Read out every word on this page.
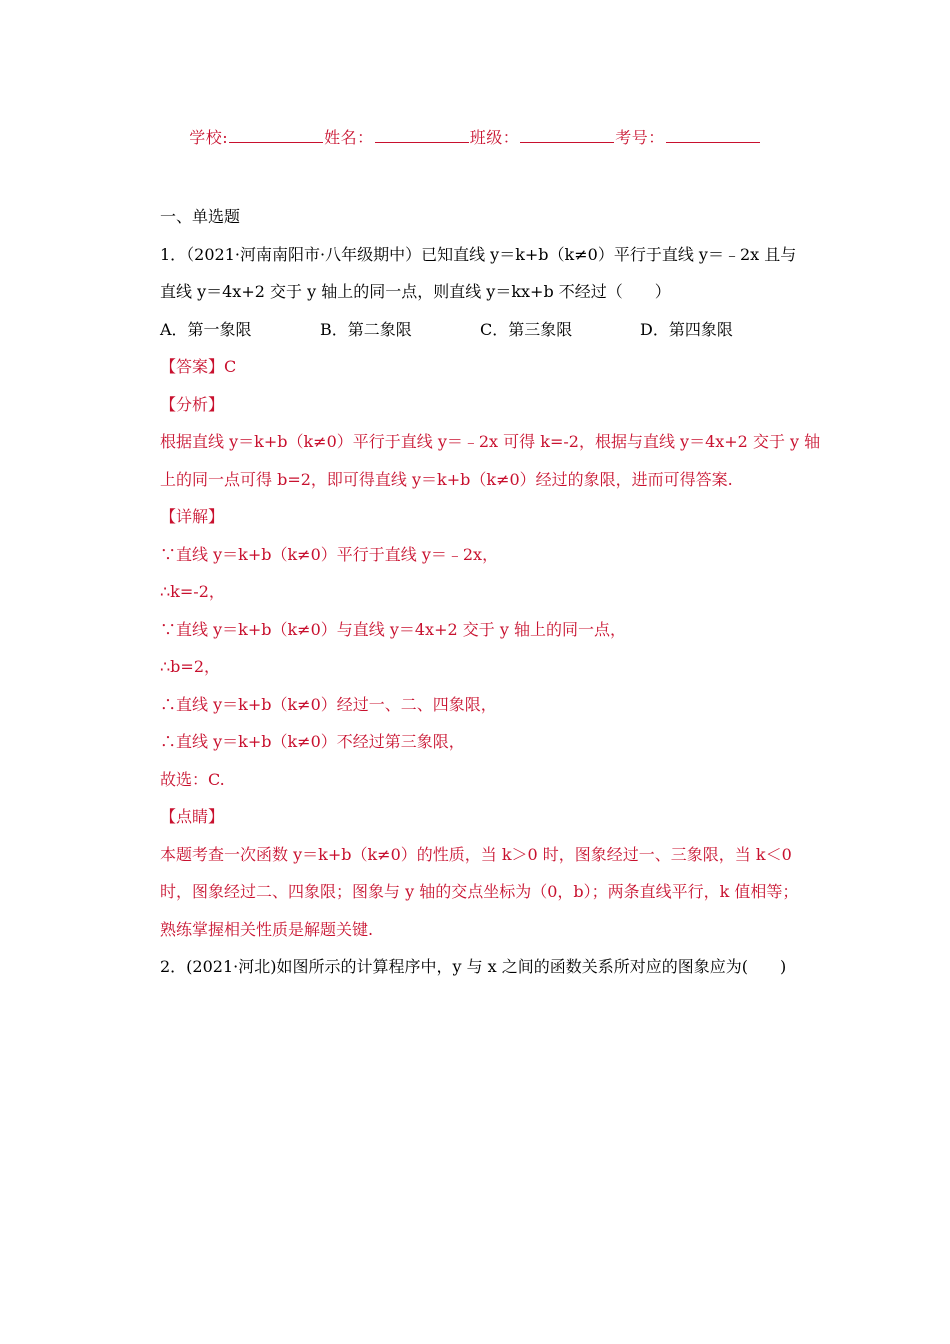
学校:	姓名：	班级：	考号：
一、单选题
1．（2021·河南南阳市·八年级期中）已知直线 y＝k+b（k≠0）平行于直线 y＝﹣2x 且与
直线 y＝4x+2 交于 y 轴上的同一点，则直线 y＝kx+b 不经过（　　）
A．第一象限	B．第二象限	C．第三象限	D．第四象限
【答案】C
【分析】
根据直线 y＝k+b（k≠0）平行于直线 y＝﹣2x 可得 k=-2，根据与直线 y＝4x+2 交于 y 轴
上的同一点可得 b=2，即可得直线 y＝k+b（k≠0）经过的象限，进而可得答案.
【详解】
∵直线 y＝k+b（k≠0）平行于直线 y＝﹣2x，
∴k=-2，
∵直线 y＝k+b（k≠0）与直线 y＝4x+2 交于 y 轴上的同一点，
∴b=2，
∴直线 y＝k+b（k≠0）经过一、二、四象限，
∴直线 y＝k+b（k≠0）不经过第三象限，
故选：C.
【点睛】
本题考查一次函数 y＝k+b（k≠0）的性质，当 k＞0 时，图象经过一、三象限，当 k＜0
时，图象经过二、四象限；图象与 y 轴的交点坐标为（0，b）；两条直线平行，k 值相等；
熟练掌握相关性质是解题关键.
2．(2021·河北)如图所示的计算程序中，y 与 x 之间的函数关系所对应的图象应为(　　)
